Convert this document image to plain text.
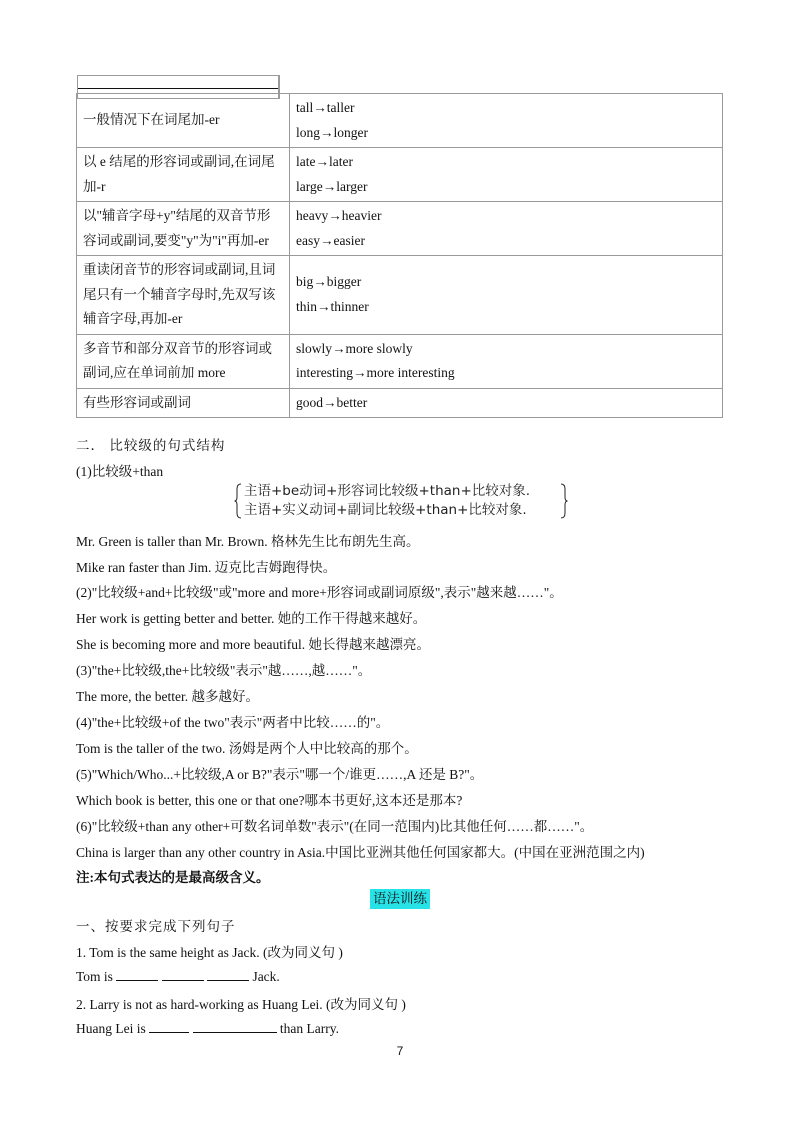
	一般情况下在词尾加-er	tall→taller
long→longer

以 e 结尾的形容词或副词,在词尾加-r	late→later
large→larger

以"辅音字母+y"结尾的双音节形容词或副词,要变"y"为"i"再加-er	heavy→heavier
easy→easier

重读闭音节的形容词或副词,且词尾只有一个辅音字母时,先双写该辅音字母,再加-er	big→bigger
thin→thinner

多音节和部分双音节的形容词或副词,应在单词前加 more	slowly→more slowly
interesting→more interesting

有些形容词或副词	good→better
二． 比较级的句式结构
(1)比较级+than
主语+be动词+形容词比较级+than+比较对象.
主语+实义动词+副词比较级+than+比较对象.
Mr. Green is taller than Mr. Brown. 格林先生比布朗先生高。
Mike ran faster than Jim. 迈克比吉姆跑得快。
(2)"比较级+and+比较级"或"more and more+形容词或副词原级",表示"越来越……"。
Her work is getting better and better. 她的工作干得越来越好。
She is becoming more and more beautiful. 她长得越来越漂亮。
(3)"the+比较级,the+比较级"表示"越……,越……"。
The more, the better. 越多越好。
(4)"the+比较级+of the two"表示"两者中比较……的"。
Tom is the taller of the two. 汤姆是两个人中比较高的那个。
(5)"Which/Who...+比较级,A or B?"表示"哪一个/谁更……,A 还是 B?"。
Which book is better, this one or that one?哪本书更好,这本还是那本?
(6)"比较级+than any other+可数名词单数"表示"(在同一范围内)比其他任何……都……"。
China is larger than any other country in Asia.中国比亚洲其他任何国家都大。(中国在亚洲范围之内)
注:本句式表达的是最高级含义。
语法训练
一、按要求完成下列句子
1. Tom is the same height as Jack. (改为同义句 )
Tom is	Jack.
2. Larry is not as hard-working as Huang Lei. (改为同义句 )
Huang Lei is	than Larry.
7
